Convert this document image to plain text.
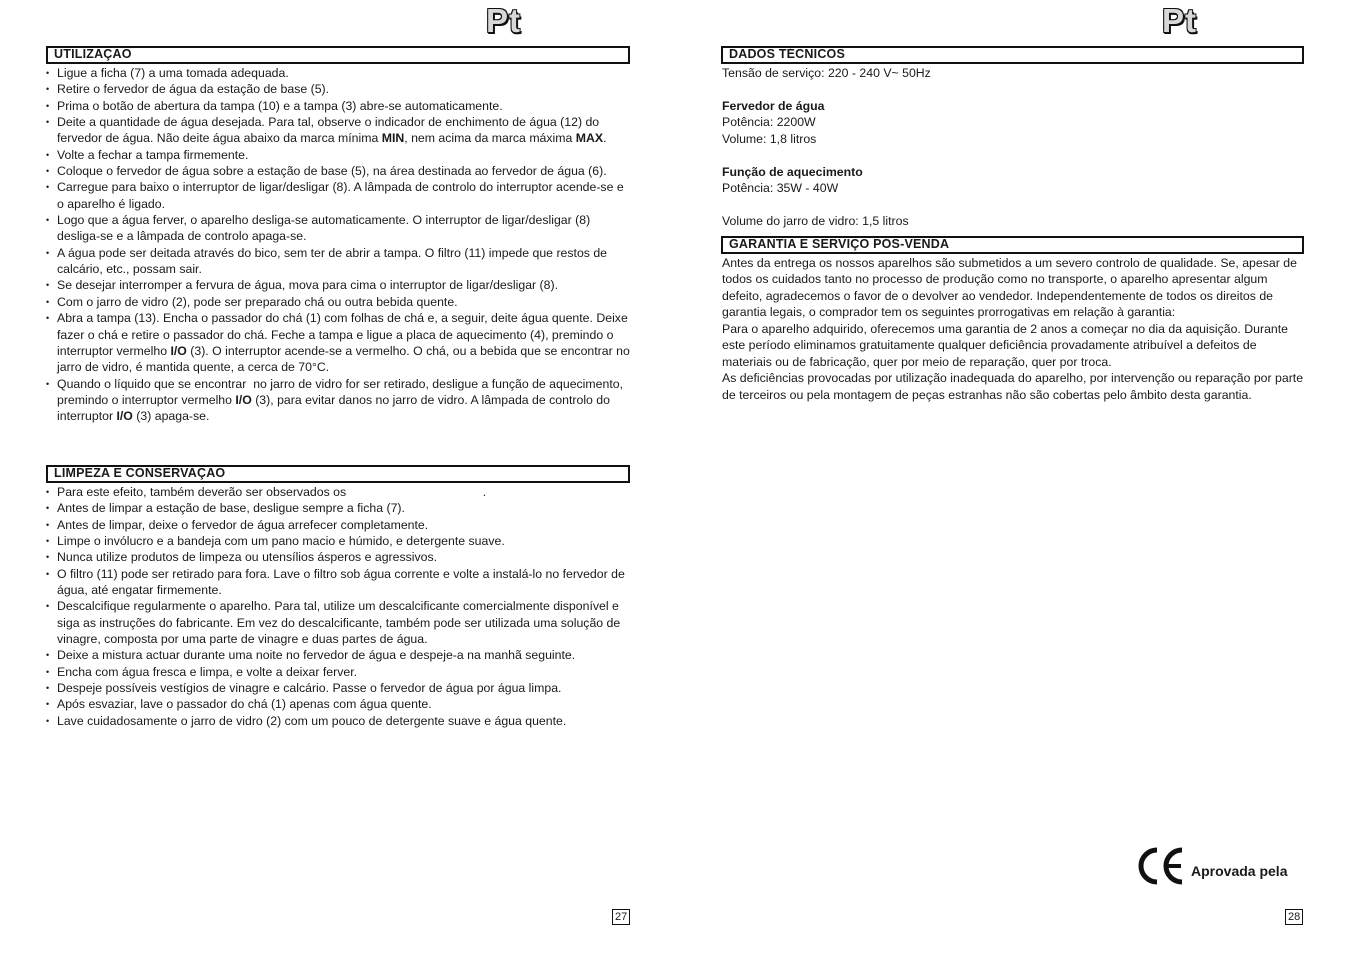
Pt
UTILIZAÇÃO
• Ligue a ficha (7) a uma tomada adequada.
• Retire o fervedor de água da estação de base (5).
• Prima o botão de abertura da tampa (10) e a tampa (3) abre-se automaticamente.
• Deite a quantidade de água desejada. Para tal, observe o indicador de enchimento de água (12) do fervedor de água. Não deite água abaixo da marca mínima MIN, nem acima da marca máxima MAX.
• Volte a fechar a tampa firmemente.
• Coloque o fervedor de água sobre a estação de base (5), na área destinada ao fervedor de água (6).
• Carregue para baixo o interruptor de ligar/desligar (8). A lâmpada de controlo do interruptor acende-se e o aparelho é ligado.
• Logo que a água ferver, o aparelho desliga-se automaticamente. O interruptor de ligar/desligar (8) desliga-se e a lâmpada de controlo apaga-se.
• A água pode ser deitada através do bico, sem ter de abrir a tampa. O filtro (11) impede que restos de calcário, etc., possam sair.
• Se desejar interromper a fervura de água, mova para cima o interruptor de ligar/desligar (8).
• Com o jarro de vidro (2), pode ser preparado chá ou outra bebida quente.
• Abra a tampa (13). Encha o passador do chá (1) com folhas de chá e, a seguir, deite água quente. Deixe fazer o chá e retire o passador do chá. Feche a tampa e ligue a placa de aquecimento (4), premindo o interruptor vermelho I/O (3). O interruptor acende-se a vermelho. O chá, ou a bebida que se encontrar no jarro de vidro, é mantida quente, a cerca de 70°C.
• Quando o líquido que se encontrar  no jarro de vidro for ser retirado, desligue a função de aquecimento, premindo o interruptor vermelho I/O (3), para evitar danos no jarro de vidro. A lâmpada de controlo do interruptor I/O (3) apaga-se.
LIMPEZA E CONSERVAÇÃO
• Para este efeito, também deverão ser observados os                                        .
• Antes de limpar a estação de base, desligue sempre a ficha (7).
• Antes de limpar, deixe o fervedor de água arrefecer completamente.
• Limpe o invólucro e a bandeja com um pano macio e húmido, e detergente suave.
• Nunca utilize produtos de limpeza ou utensílios ásperos e agressivos.
• O filtro (11) pode ser retirado para fora. Lave o filtro sob água corrente e volte a instalá-lo no fervedor de água, até engatar firmemente.
• Descalcifique regularmente o aparelho. Para tal, utilize um descalcificante comercialmente disponível e siga as instruções do fabricante. Em vez do descalcificante, também pode ser utilizada uma solução de vinagre, composta por uma parte de vinagre e duas partes de água.
• Deixe a mistura actuar durante uma noite no fervedor de água e despeje-a na manhã seguinte.
• Encha com água fresca e limpa, e volte a deixar ferver.
• Despeje possíveis vestígios de vinagre e calcário. Passe o fervedor de água por água limpa.
• Após esvaziar, lave o passador do chá (1) apenas com água quente.
• Lave cuidadosamente o jarro de vidro (2) com um pouco de detergente suave e água quente.
27
Pt
DADOS TÉCNICOS

Tensão de serviço: 220 - 240 V~ 50Hz

Fervedor de água

Potência: 2200W

Volume: 1,8 litros

Função de aquecimento

Potência: 35W - 40W

Volume do jarro de vidro: 1,5 litros

GARANTIA E SERVIÇO PÓS-VENDA

Antes da entrega os nossos aparelhos são submetidos a um severo controlo de qualidade. Se, apesar de todos os cuidados tanto no processo de produção como no transporte, o aparelho apresentar algum defeito, agradecemos o favor de o devolver ao vendedor. Independentemente de todos os direitos de garantia legais, o comprador tem os seguintes prorrogativas em relação à garantia:

Para o aparelho adquirido, oferecemos uma garantia de 2 anos a começar no dia da aquisição. Durante este período eliminamos gratuitamente qualquer deficiência provadamente atribuível a defeitos de materiais ou de fabricação, quer por meio de reparação, quer por troca.

As deficiências provocadas por utilização inadequada do aparelho, por intervenção ou reparação por parte de terceiros ou pela montagem de peças estranhas não são cobertas pelo âmbito desta garantia.

Aprovada pela
28
